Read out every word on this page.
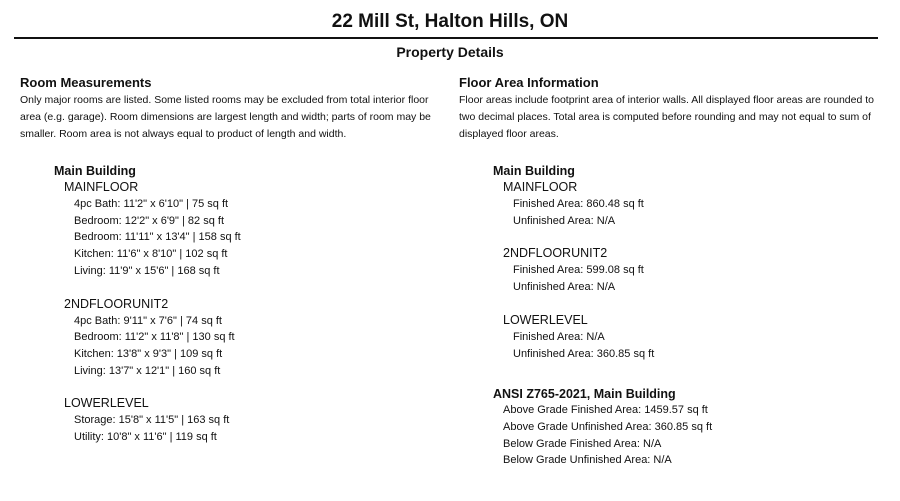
22 Mill St, Halton Hills, ON
Property Details
Room Measurements
Only major rooms are listed. Some listed rooms may be excluded from total interior floor area (e.g. garage). Room dimensions are largest length and width; parts of room may be smaller. Room area is not always equal to product of length and width.
Main Building
MAINFLOOR
4pc Bath: 11'2" x 6'10" | 75 sq ft
Bedroom: 12'2" x 6'9" | 82 sq ft
Bedroom: 11'11" x 13'4" | 158 sq ft
Kitchen: 11'6" x 8'10" | 102 sq ft
Living: 11'9" x 15'6" | 168 sq ft
2NDFLOORUNIT2
4pc Bath: 9'11" x 7'6" | 74 sq ft
Bedroom: 11'2" x 11'8" | 130 sq ft
Kitchen: 13'8" x 9'3" | 109 sq ft
Living: 13'7" x 12'1" | 160 sq ft
LOWERLEVEL
Storage: 15'8" x 11'5" | 163 sq ft
Utility: 10'8" x 11'6" | 119 sq ft
Floor Area Information
Floor areas include footprint area of interior walls. All displayed floor areas are rounded to two decimal places. Total area is computed before rounding and may not equal to sum of displayed floor areas.
Main Building
MAINFLOOR
Finished Area: 860.48 sq ft
Unfinished Area: N/A
2NDFLOORUNIT2
Finished Area: 599.08 sq ft
Unfinished Area: N/A
LOWERLEVEL
Finished Area: N/A
Unfinished Area: 360.85 sq ft
ANSI Z765-2021, Main Building
Above Grade Finished Area: 1459.57 sq ft
Above Grade Unfinished Area: 360.85 sq ft
Below Grade Finished Area: N/A
Below Grade Unfinished Area: N/A
